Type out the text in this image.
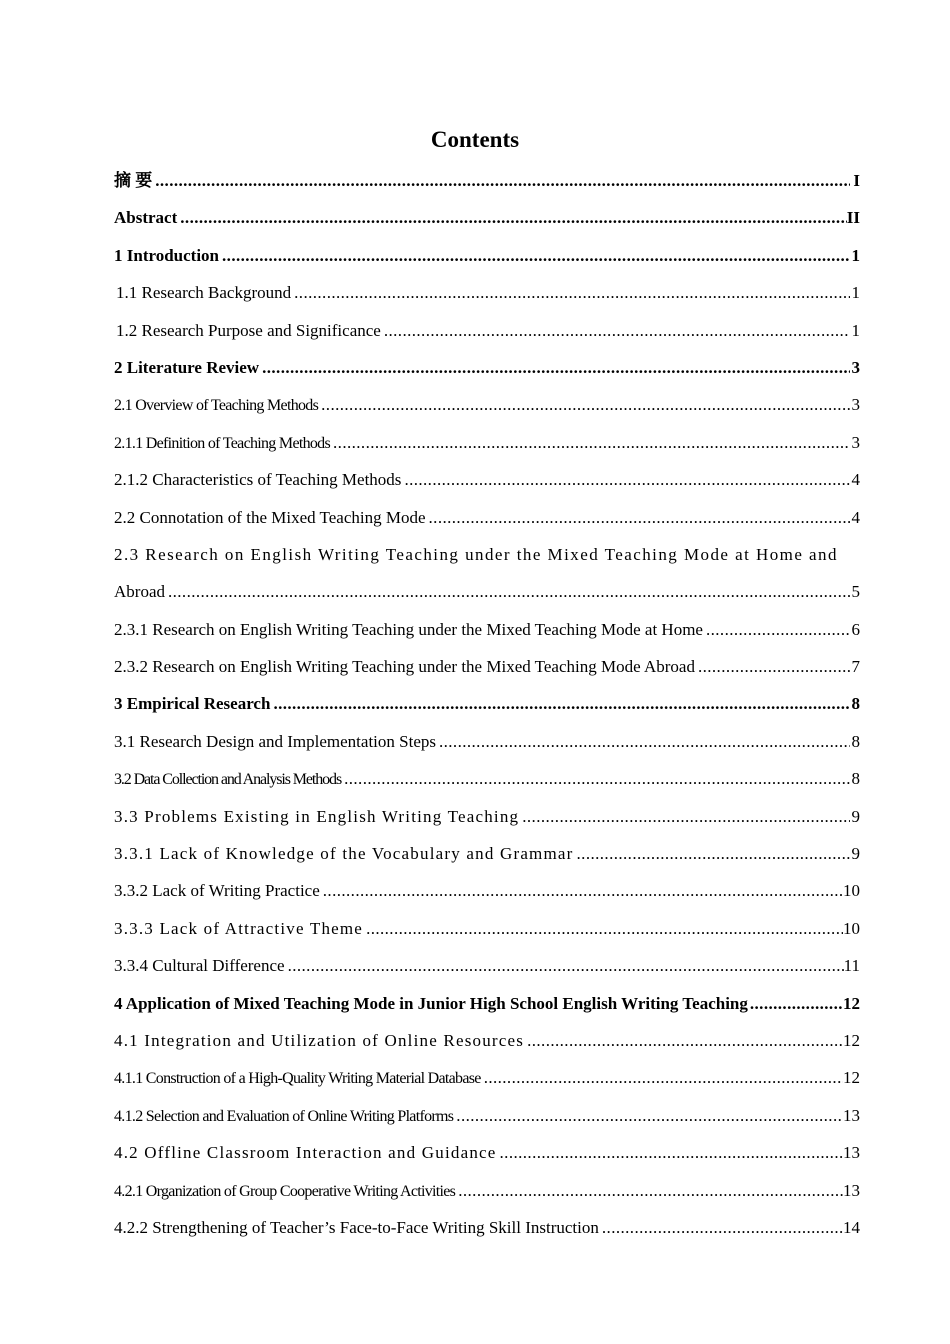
Contents
摘 要 .....	I
Abstract .....	II
1 Introduction .....	1
1.1 Research Background .....	1
1.2 Research Purpose and Significance .....	1
2 Literature Review .....	3
2.1 Overview of Teaching Methods .....	3
2.1.1 Definition of Teaching Methods .....	3
2.1.2 Characteristics of Teaching Methods .....	4
2.2 Connotation of the Mixed Teaching Mode .....	4
2.3 Research on English Writing Teaching under the Mixed Teaching Mode at Home and
Abroad .....	5
2.3.1 Research on English Writing Teaching under the Mixed Teaching Mode at Home .....	6
2.3.2 Research on English Writing Teaching under the Mixed Teaching Mode Abroad .....	7
3 Empirical Research .....	8
3.1 Research Design and Implementation Steps .....	8
3.2 Data Collection and Analysis Methods .....	8
3.3 Problems Existing in English Writing Teaching .....	9
3.3.1 Lack of Knowledge of the Vocabulary and Grammar .....	9
3.3.2 Lack of Writing Practice .....	10
3.3.3 Lack of Attractive Theme .....	10
3.3.4 Cultural Difference .....	11
4 Application of Mixed Teaching Mode in Junior High School English Writing Teaching .....	12
4.1 Integration and Utilization of Online Resources .....	12
4.1.1 Construction of a High-Quality Writing Material Database .....	12
4.1.2 Selection and Evaluation of Online Writing Platforms .....	13
4.2 Offline Classroom Interaction and Guidance .....	13
4.2.1 Organization of Group Cooperative Writing Activities .....	13
4.2.2 Strengthening of Teacher’s Face-to-Face Writing Skill Instruction .....	14
